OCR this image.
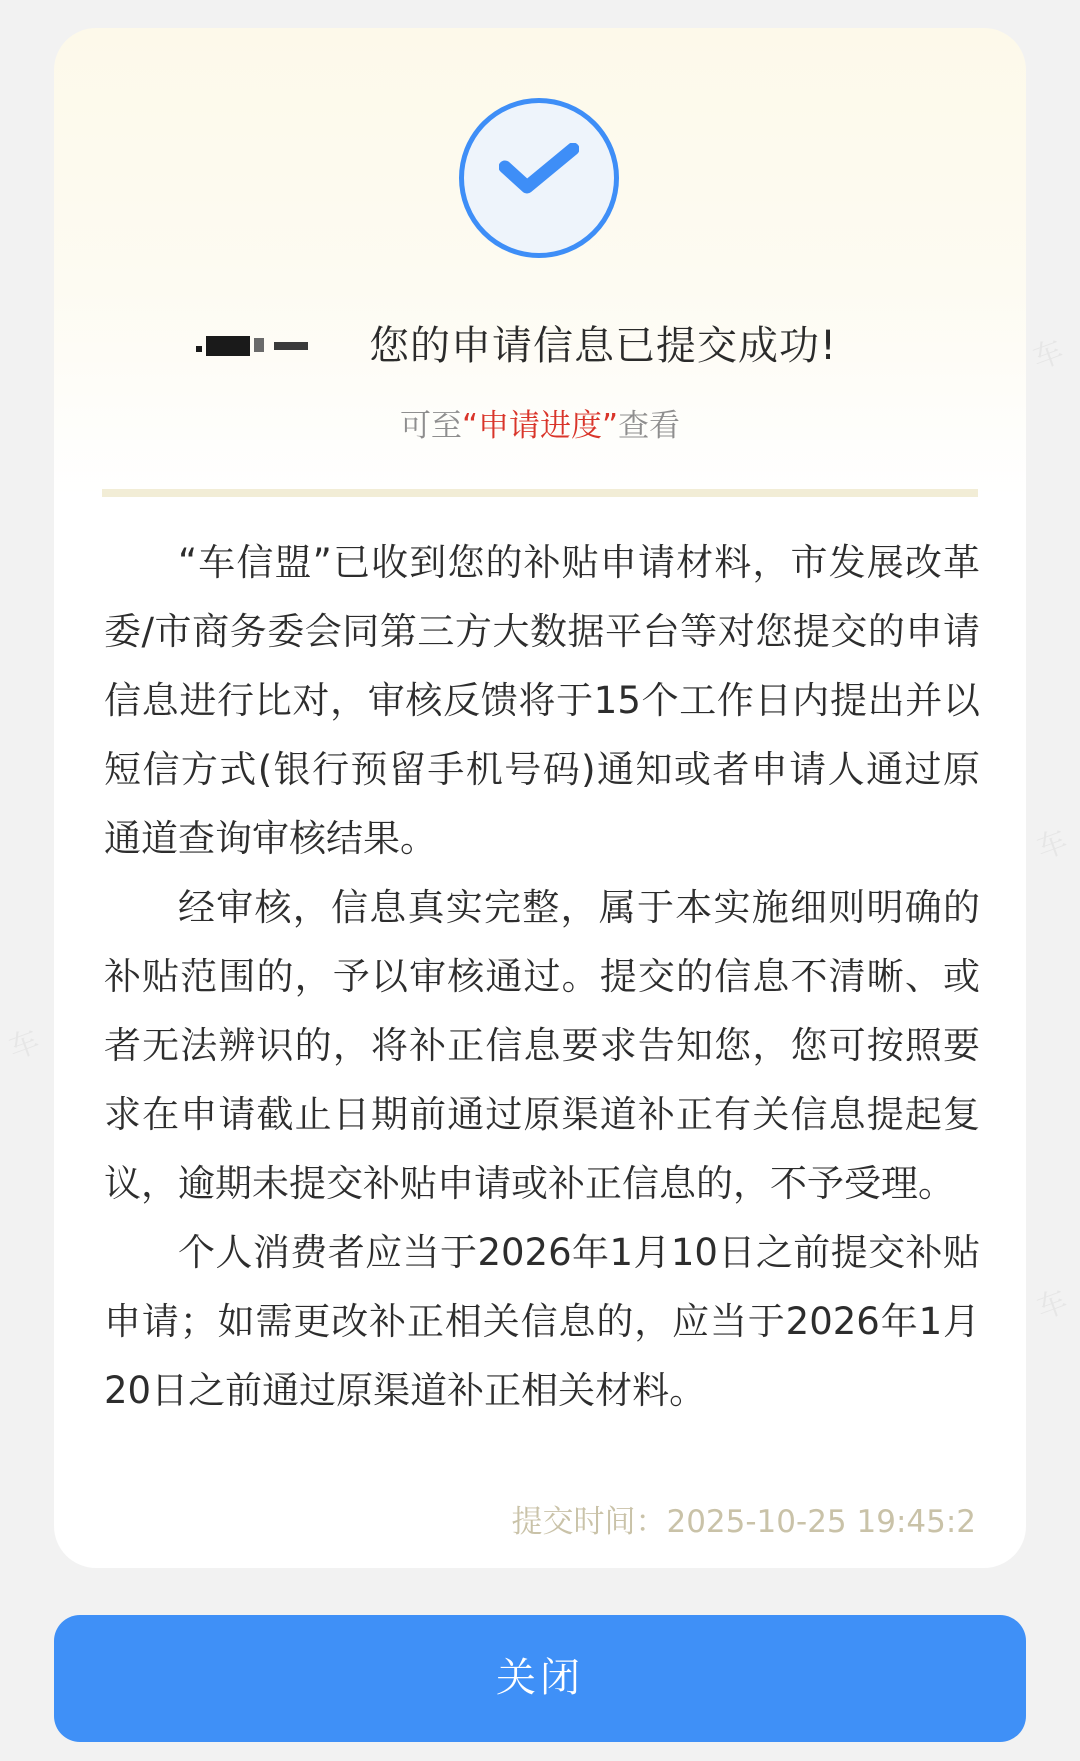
车
车
车
车
您的申请信息已提交成功!
可至“申请进度”查看

“车信盟”已收到您的补贴申请材料，市发展改革委/市商务委会同第三方大数据平台等对您提交的申请信息进行比对，审核反馈将于15个工作日内提出并以短信方式(银行预留手机号码)通知或者申请人通过原通道查询审核结果。

经审核，信息真实完整，属于本实施细则明确的补贴范围的，予以审核通过。提交的信息不清晰、或者无法辨识的，将补正信息要求告知您，您可按照要求在申请截止日期前通过原渠道补正有关信息提起复议，逾期未提交补贴申请或补正信息的，不予受理。

个人消费者应当于2026年1月10日之前提交补贴申请；如需更改补正相关信息的，应当于2026年1月20日之前通过原渠道补正相关材料。

提交时间：2025-10-25 19:45:2
关闭
